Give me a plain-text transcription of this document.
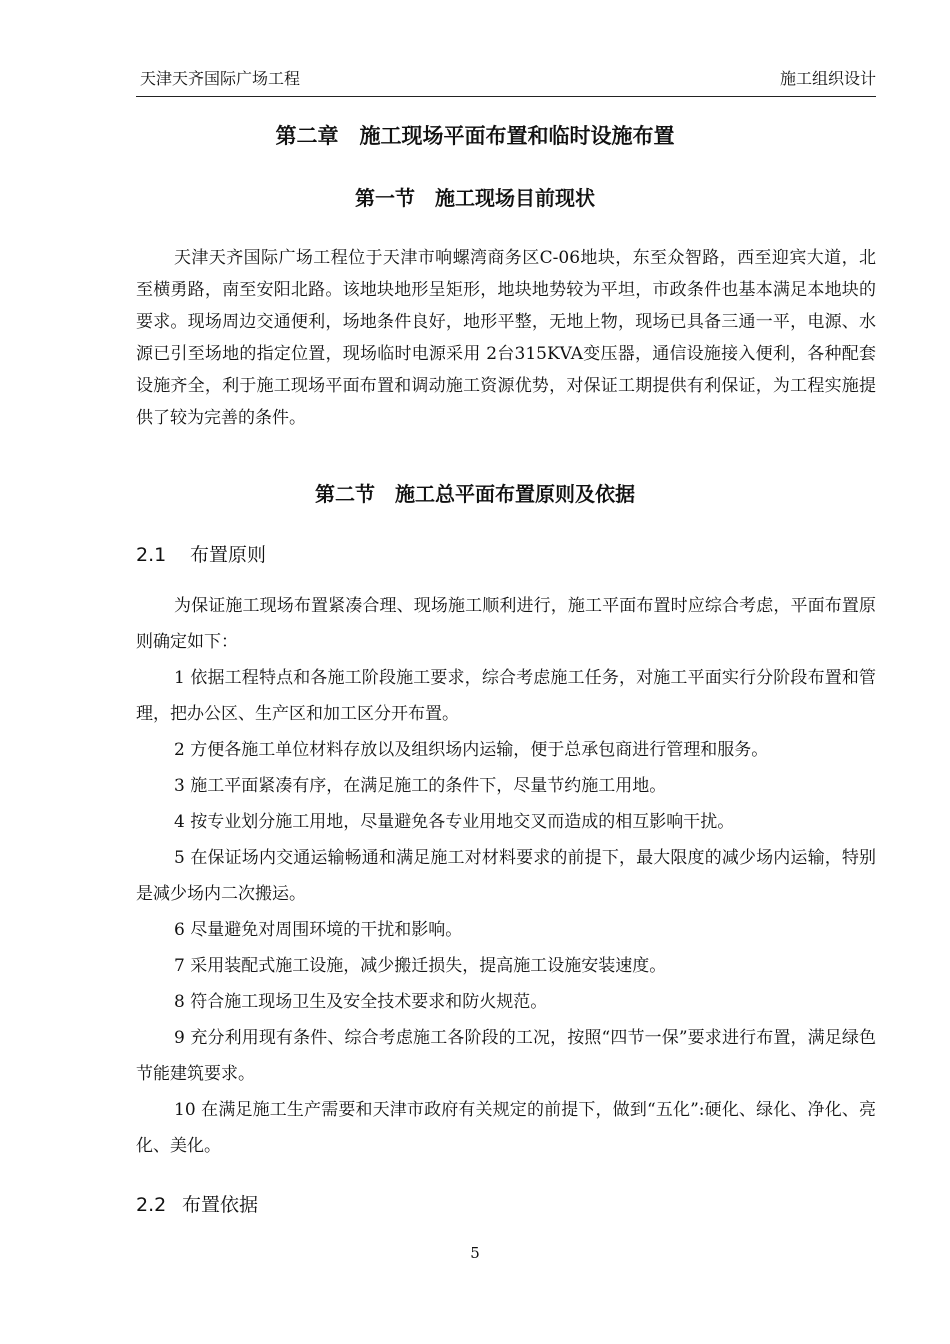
天津天齐国际广场工程	施工组织设计
第二章　施工现场平面布置和临时设施布置
第一节　施工现场目前现状

天津天齐国际广场工程位于天津市响螺湾商务区C-06地块，东至众智路，西至迎宾大道，北至横勇路，南至安阳北路。该地块地形呈矩形，地块地势较为平坦，市政条件也基本满足本地块的要求。现场周边交通便利，场地条件良好，地形平整，无地上物，现场已具备三通一平，电源、水源已引至场地的指定位置，现场临时电源采用 2台315KVA变压器，通信设施接入便利，各种配套设施齐全，利于施工现场平面布置和调动施工资源优势，对保证工期提供有利保证，为工程实施提供了较为完善的条件。

第二节　施工总平面布置原则及依据
2.1 布置原则

为保证施工现场布置紧凑合理、现场施工顺利进行，施工平面布置时应综合考虑，平面布置原则确定如下：

1 依据工程特点和各施工阶段施工要求，综合考虑施工任务，对施工平面实行分阶段布置和管理，把办公区、生产区和加工区分开布置。

2 方便各施工单位材料存放以及组织场内运输，便于总承包商进行管理和服务。

3 施工平面紧凑有序，在满足施工的条件下，尽量节约施工用地。

4 按专业划分施工用地，尽量避免各专业用地交叉而造成的相互影响干扰。

5 在保证场内交通运输畅通和满足施工对材料要求的前提下，最大限度的减少场内运输，特别是减少场内二次搬运。

6 尽量避免对周围环境的干扰和影响。

7 采用装配式施工设施，减少搬迁损失，提高施工设施安装速度。

8 符合施工现场卫生及安全技术要求和防火规范。

9 充分利用现有条件、综合考虑施工各阶段的工况，按照“四节一保”要求进行布置，满足绿色节能建筑要求。

10 在满足施工生产需要和天津市政府有关规定的前提下，做到“五化”:硬化、绿化、净化、亮化、美化。

2.2 布置依据
5
